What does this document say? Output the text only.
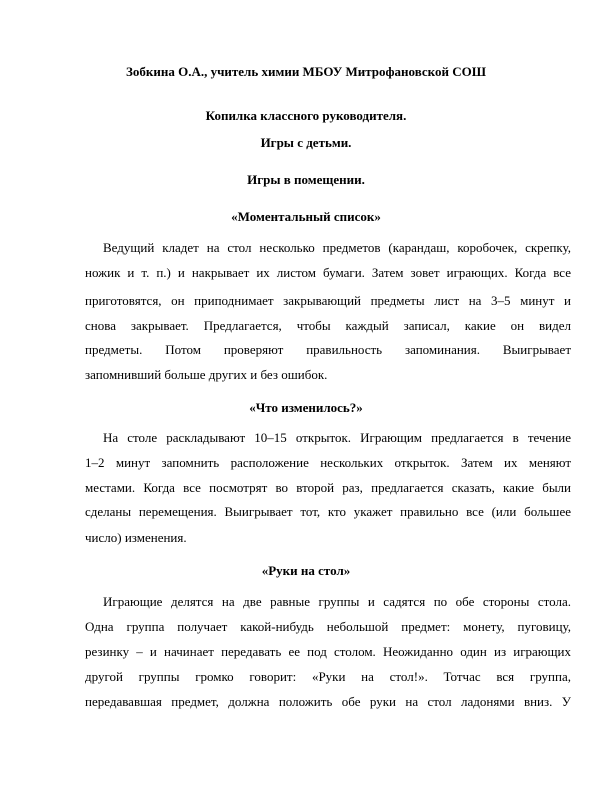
Зобкина О.А., учитель химии МБОУ Митрофановской СОШ
Копилка классного руководителя.
Игры с детьми.
Игры в помещении.
«Моментальный список»
Ведущий кладет на стол несколько предметов (карандаш, коробочек, скрепку,
ножик и т. п.) и накрывает их листом бумаги. Затем зовет играющих. Когда все
приготовятся, он приподнимает закрывающий предметы лист на 3–5 минут и
снова закрывает. Предлагается, чтобы каждый записал, какие он видел
предметы. Потом проверяют правильность запоминания. Выигрывает
запомнивший больше других и без ошибок.
«Что изменилось?»
На столе раскладывают 10–15 открыток. Играющим предлагается в течение
1–2 минут запомнить расположение нескольких открыток. Затем их меняют
местами. Когда все посмотрят во второй раз, предлагается сказать, какие были
сделаны перемещения. Выигрывает тот, кто укажет правильно все (или большее
число) изменения.
«Руки на стол»
Играющие делятся на две равные группы и садятся по обе стороны стола.
Одна группа получает какой-нибудь небольшой предмет: монету, пуговицу,
резинку – и начинает передавать ее под столом. Неожиданно один из играющих
другой группы громко говорит: «Руки на стол!». Тотчас вся группа,
передававшая предмет, должна положить обе руки на стол ладонями вниз. У
